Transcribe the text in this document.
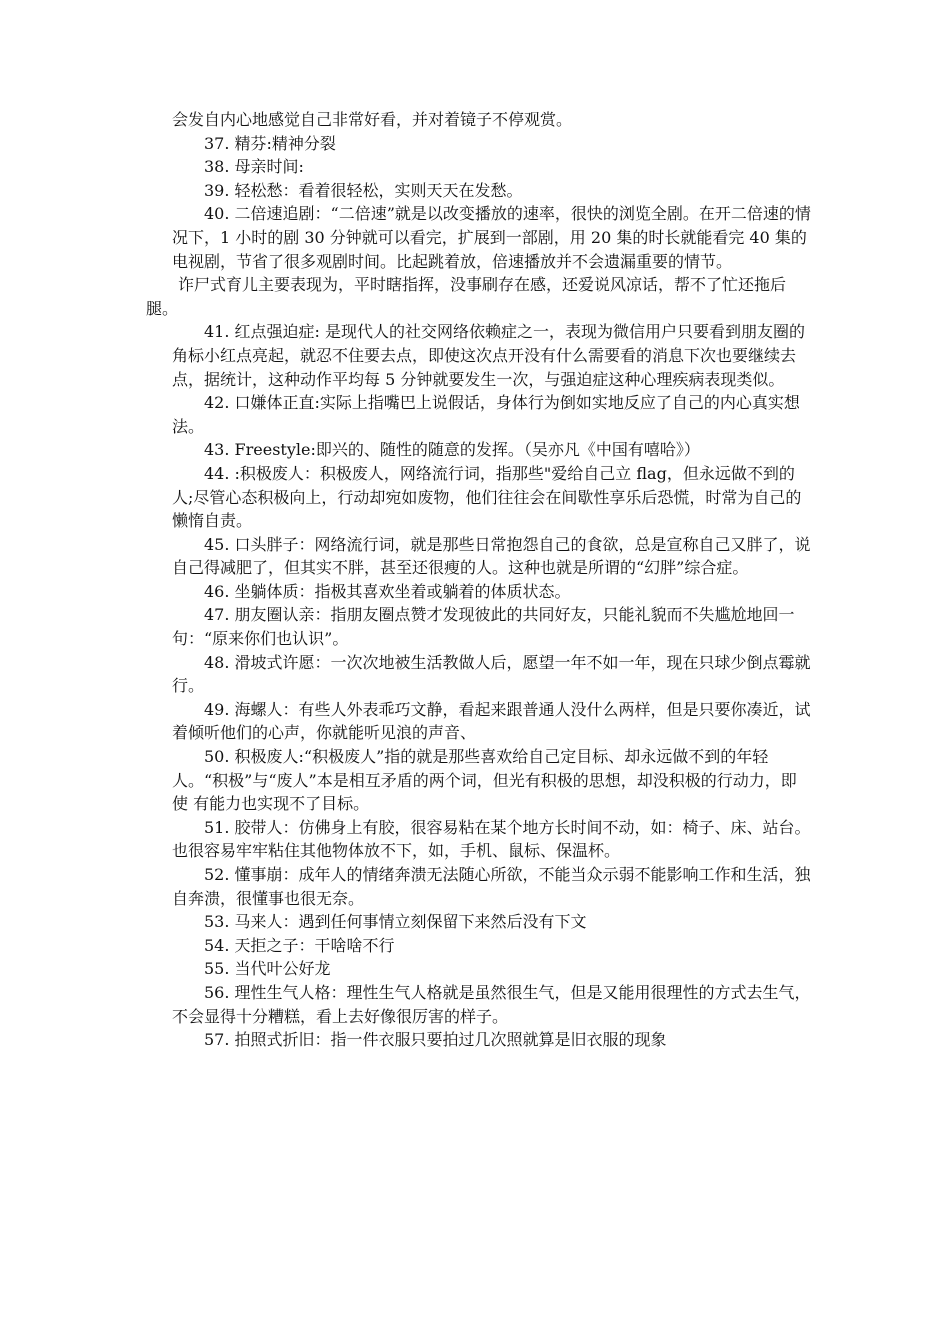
会发自内心地感觉自己非常好看，并对着镜子不停观赏。

37. 精芬:精神分裂

38. 母亲时间:

39. 轻松愁：看着很轻松，实则天天在发愁。

40. 二倍速追剧：“二倍速”就是以改变播放的速率，很快的浏览全剧。在开二倍速的情况下，1 小时的剧 30 分钟就可以看完，扩展到一部剧，用 20 集的时长就能看完 40 集的电视剧，节省了很多观剧时间。比起跳着放，倍速播放并不会遗漏重要的情节。

诈尸式育儿主要表现为，平时瞎指挥，没事刷存在感，还爱说风凉话，帮不了忙还拖后腿。

41. 红点强迫症: 是现代人的社交网络依赖症之一，表现为微信用户只要看到朋友圈的角标小红点亮起，就忍不住要去点，即使这次点开没有什么需要看的消息下次也要继续去点，据统计，这种动作平均每 5 分钟就要发生一次，与强迫症这种心理疾病表现类似。

42. 口嫌体正直:实际上指嘴巴上说假话，身体行为倒如实地反应了自己的内心真实想法。

43. Freestyle:即兴的、随性的随意的发挥。（吴亦凡《中国有嘻哈》）

44. :积极废人：积极废人，网络流行词，指那些"爱给自己立 flag，但永远做不到的人;尽管心态积极向上，行动却宛如废物，他们往往会在间歇性享乐后恐慌，时常为自己的懒惰自责。

45. 口头胖子：网络流行词，就是那些日常抱怨自己的食欲，总是宣称自己又胖了，说自己得减肥了，但其实不胖，甚至还很瘦的人。这种也就是所谓的“幻胖”综合症。

46. 坐躺体质：指极其喜欢坐着或躺着的体质状态。

47. 朋友圈认亲：指朋友圈点赞才发现彼此的共同好友，只能礼貌而不失尴尬地回一句：“原来你们也认识”。

48. 滑坡式许愿：一次次地被生活教做人后，愿望一年不如一年，现在只球少倒点霉就行。

49. 海螺人：有些人外表乖巧文静，看起来跟普通人没什么两样，但是只要你凑近，试着倾听他们的心声，你就能听见浪的声音、

50. 积极废人:“积极废人”指的就是那些喜欢给自己定目标、却永远做不到的年轻人。“积极”与“废人”本是相互矛盾的两个词，但光有积极的思想，却没积极的行动力，即使 有能力也实现不了目标。

51. 胶带人：仿佛身上有胶，很容易粘在某个地方长时间不动，如：椅子、床、站台。也很容易牢牢粘住其他物体放不下，如，手机、鼠标、保温杯。

52. 懂事崩：成年人的情绪奔溃无法随心所欲，不能当众示弱不能影响工作和生活，独自奔溃，很懂事也很无奈。

53. 马来人：遇到任何事情立刻保留下来然后没有下文

54. 天拒之子：干啥啥不行

55. 当代叶公好龙

56. 理性生气人格：理性生气人格就是虽然很生气，但是又能用很理性的方式去生气，不会显得十分糟糕，看上去好像很厉害的样子。

57. 拍照式折旧：指一件衣服只要拍过几次照就算是旧衣服的现象
